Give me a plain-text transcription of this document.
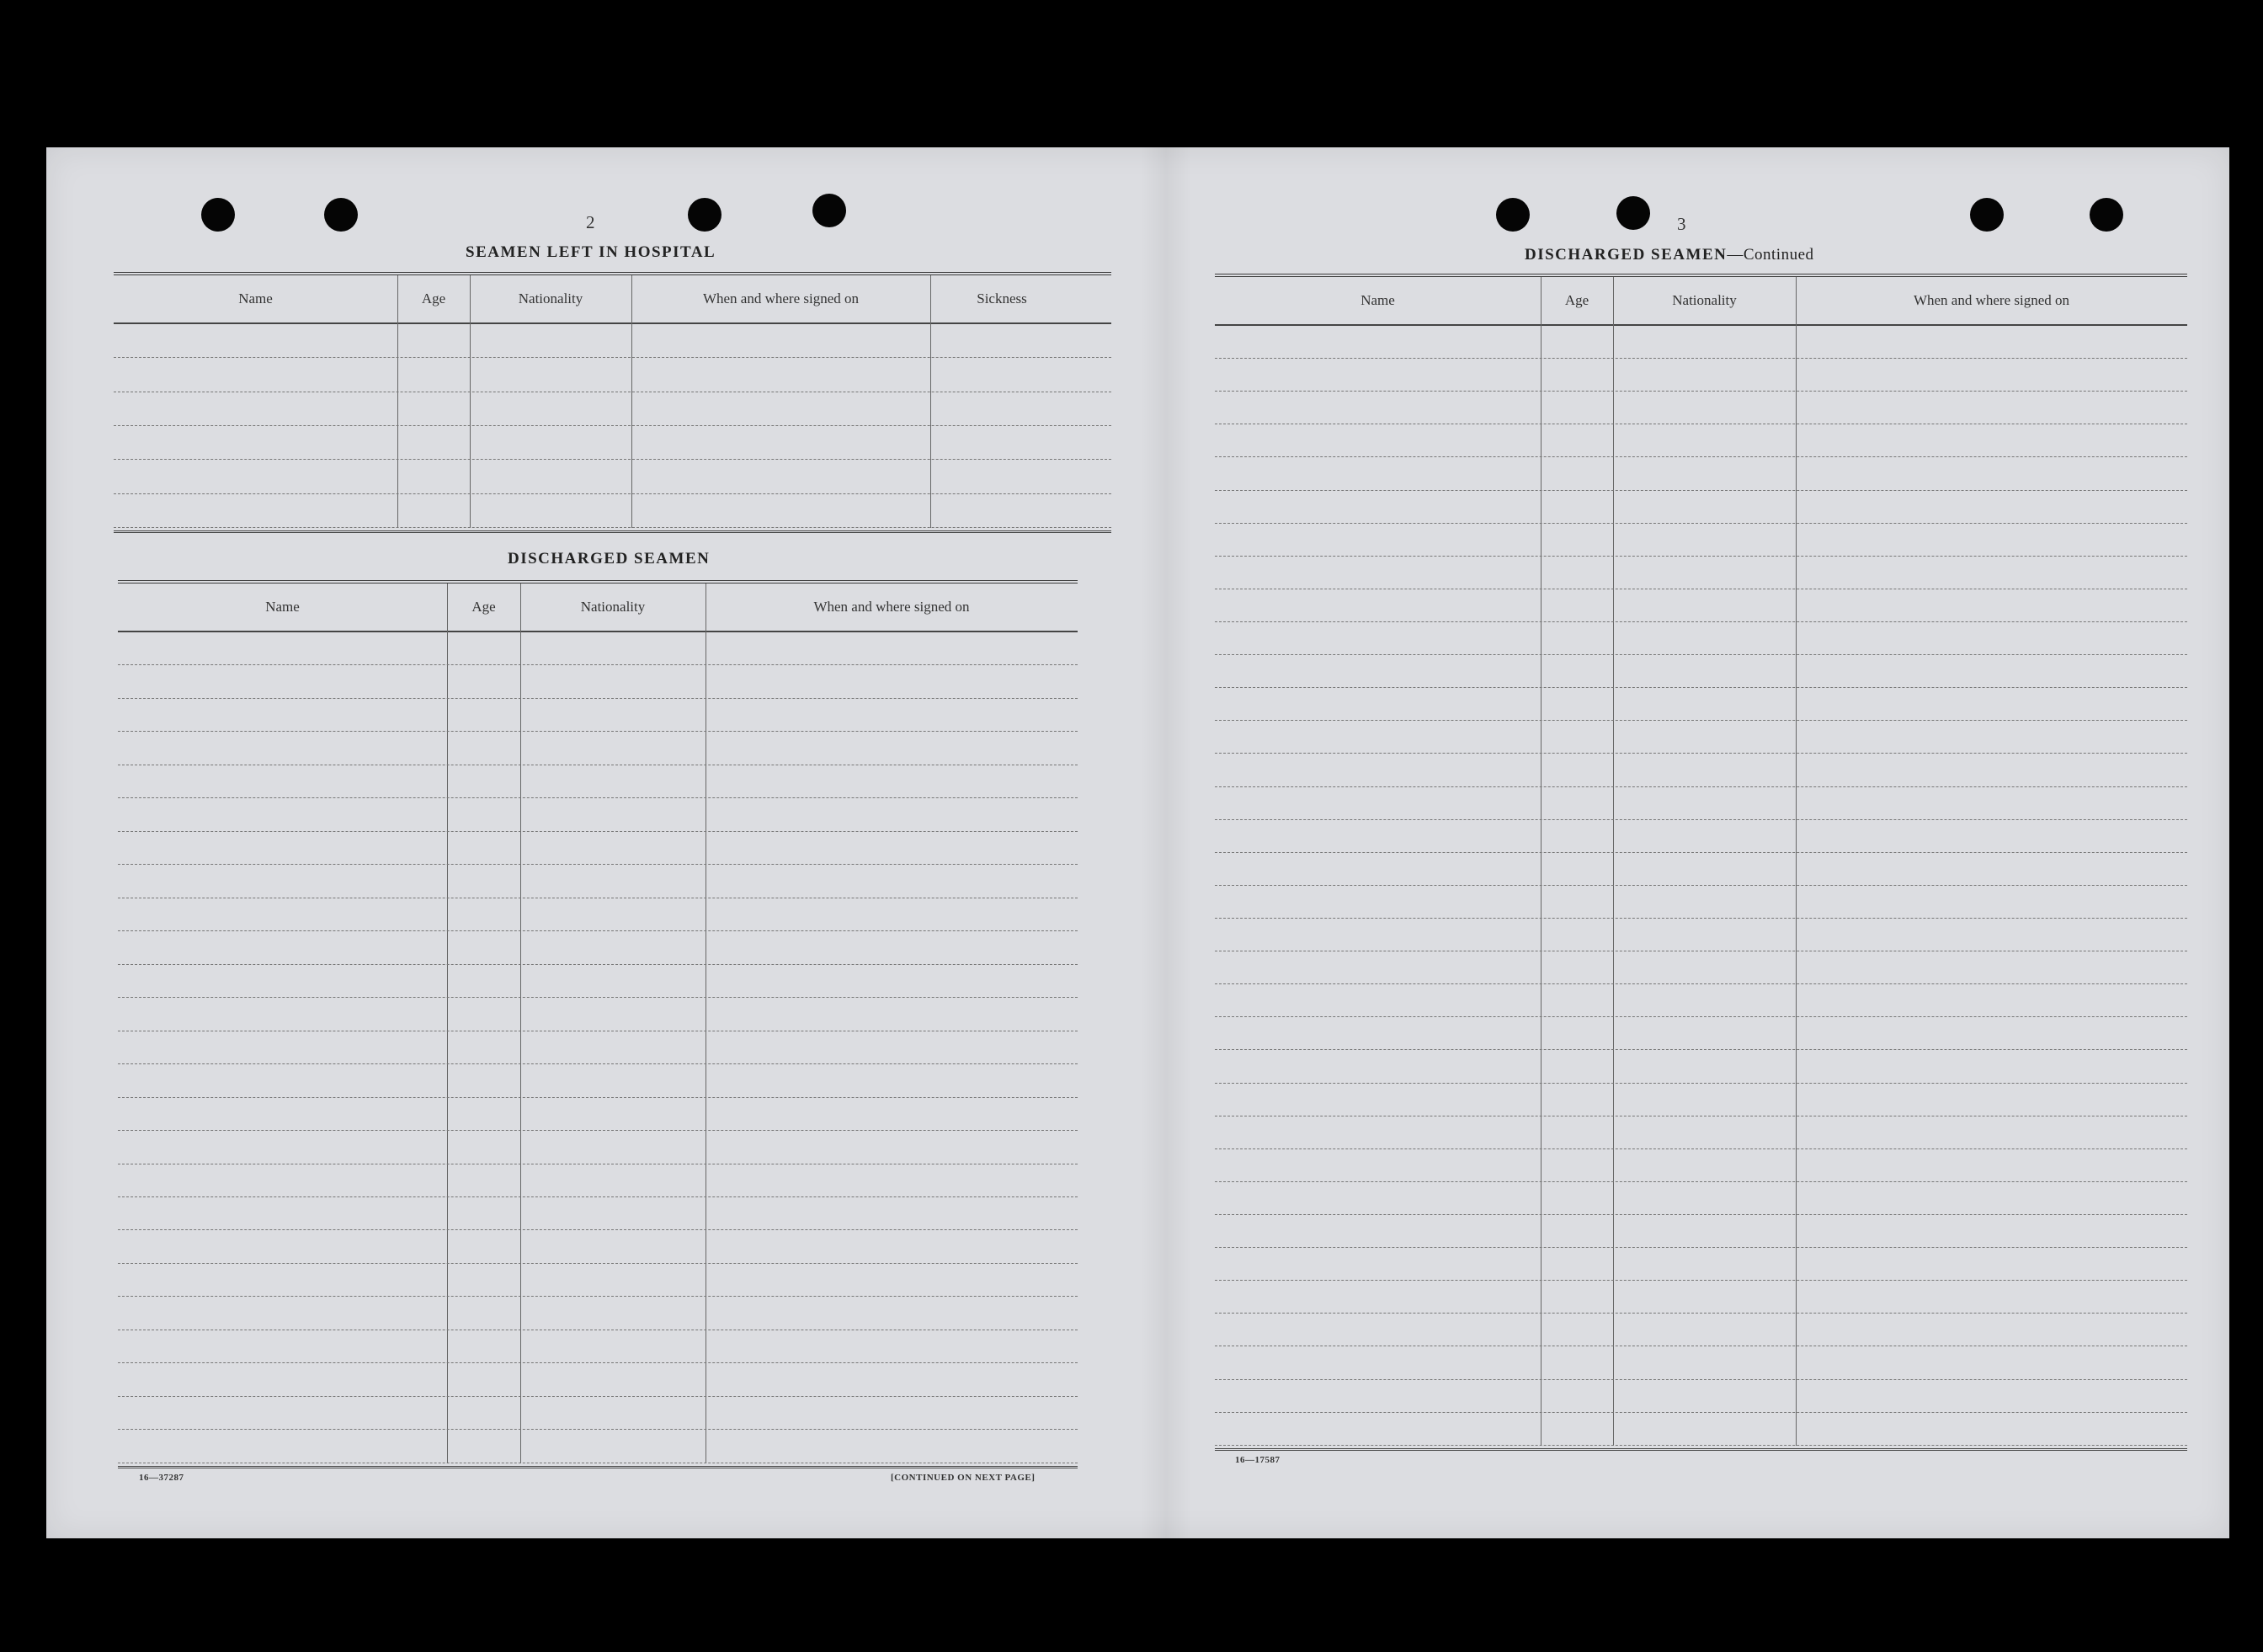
2
SEAMEN LEFT IN HOSPITAL
Name	Age	Nationality	When and where signed on	Sickness
DISCHARGED SEAMEN
Name	Age	Nationality	When and where signed on
16—37287	[CONTINUED ON NEXT PAGE]
3
DISCHARGED SEAMEN—Continued
Name	Age	Nationality	When and where signed on
16—17587
